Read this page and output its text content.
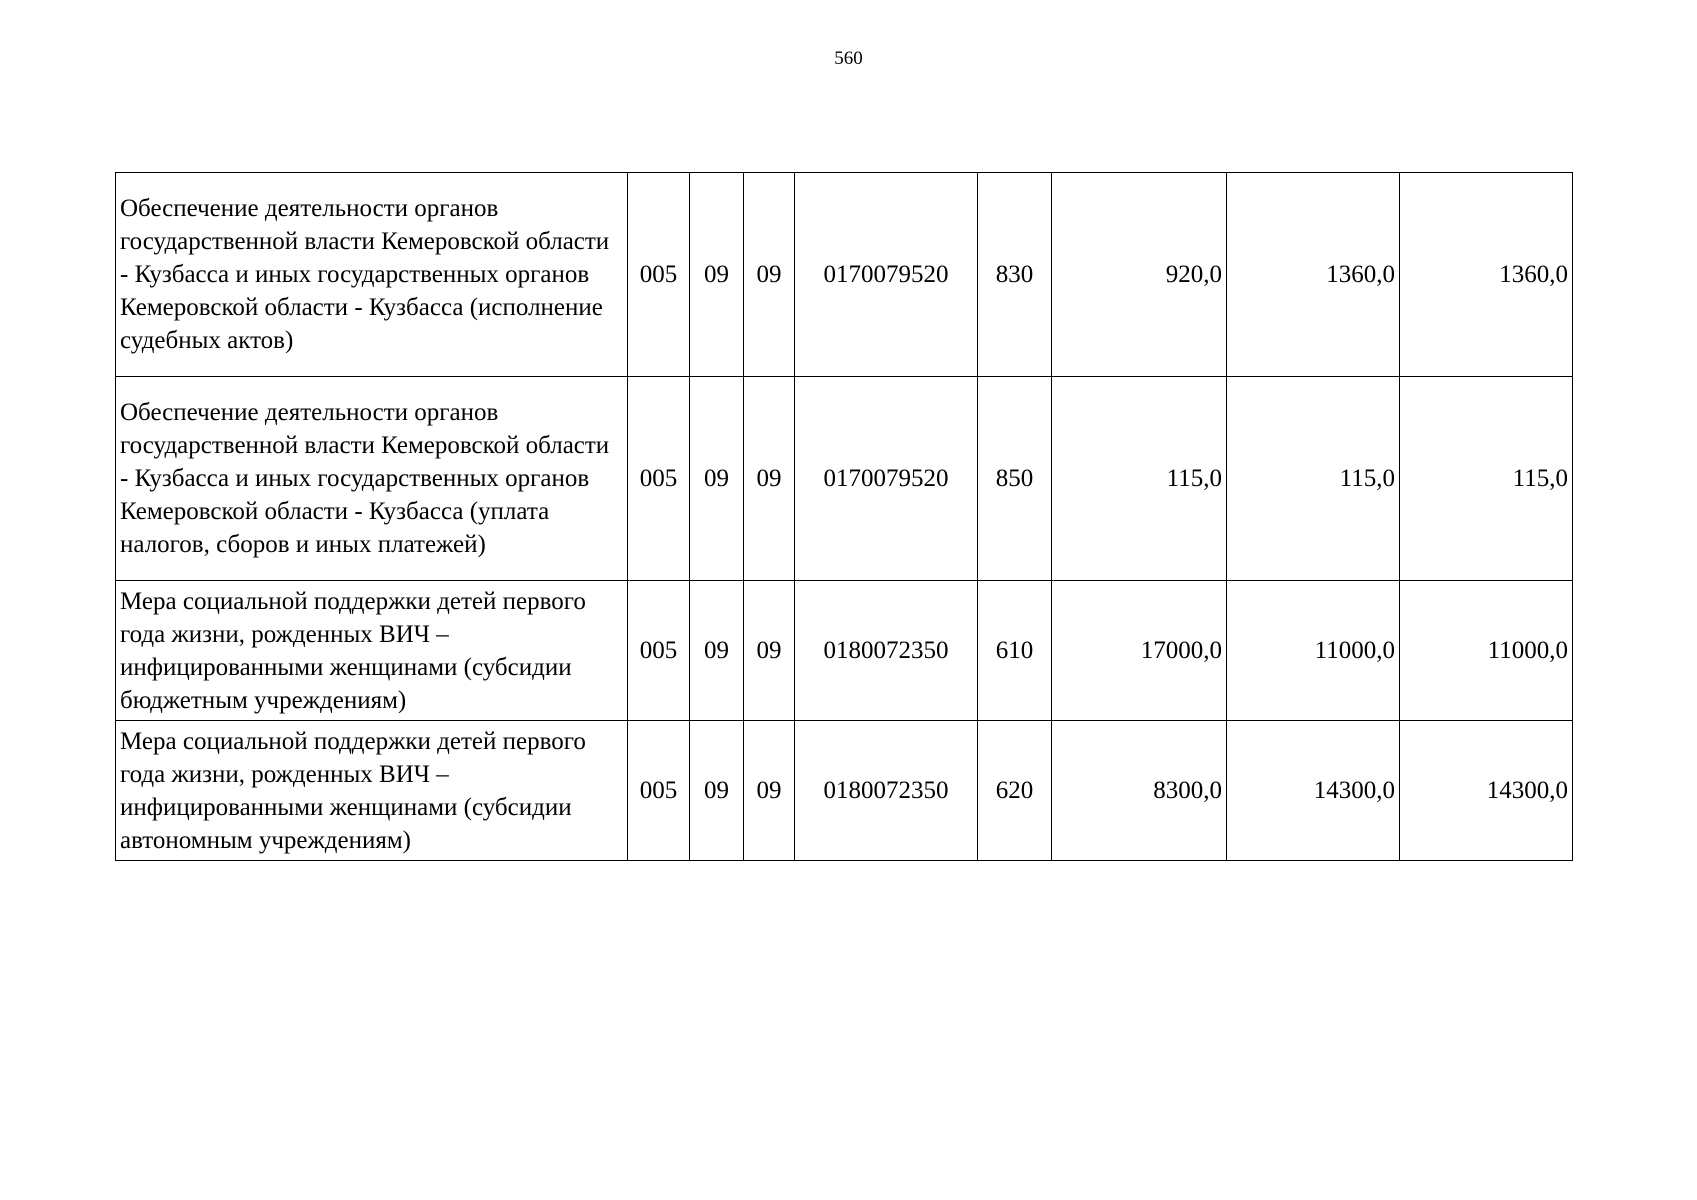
560
Обеспечение деятельности органов государственной власти Кемеровской области - Кузбасса и иных государственных органов Кемеровской области - Кузбасса (исполнение судебных актов)	005	09	09	0170079520	830	920,0	1360,0	1360,0
Обеспечение деятельности органов государственной власти Кемеровской области - Кузбасса и иных государственных органов Кемеровской области - Кузбасса (уплата налогов, сборов и иных платежей)	005	09	09	0170079520	850	115,0	115,0	115,0
Мера социальной поддержки детей первого года жизни, рожденных ВИЧ – инфицированными женщинами (субсидии бюджетным учреждениям)	005	09	09	0180072350	610	17000,0	11000,0	11000,0
Мера социальной поддержки детей первого года жизни, рожденных ВИЧ – инфицированными женщинами (субсидии автономным учреждениям)	005	09	09	0180072350	620	8300,0	14300,0	14300,0
